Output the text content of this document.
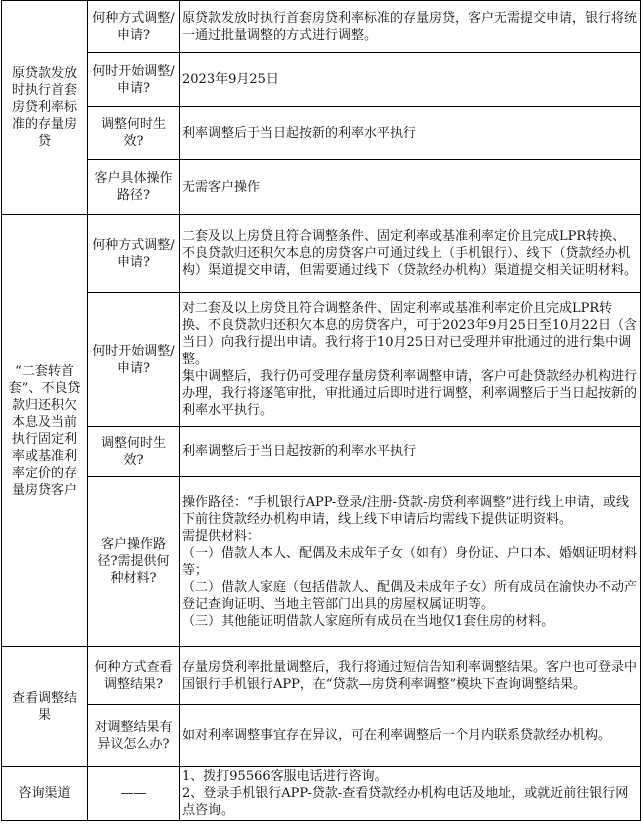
原贷款发放时执行首套房贷利率标准的存量房贷	何种方式调整/申请?	原贷款发放时执行首套房贷利率标准的存量房贷，客户无需提交申请，银行将统一通过批量调整的方式进行调整。

	何时开始调整/申请?	2023年9月25日

	调整何时生效?	利率调整后于当日起按新的利率水平执行

	客户具体操作路径?	无需客户操作

“二套转首套”、不良贷款归还积欠本息及当前执行固定利率或基准利率定价的存量房贷客户	何种方式调整/申请?	二套及以上房贷且符合调整条件、固定利率或基准利率定价且完成LPR转换、不良贷款归还积欠本息的房贷客户可通过线上（手机银行）、线下（贷款经办机构）渠道提交申请，但需要通过线下（贷款经办机构）渠道提交相关证明材料。

	何时开始调整/申请?	对二套及以上房贷且符合调整条件、固定利率或基准利率定价且完成LPR转换、不良贷款归还积欠本息的房贷客户，可于2023年9月25日至10月22日（含当日）向我行提出申请。我行将于10月25日对已受理并审批通过的进行集中调整。
集中调整后，我行仍可受理存量房贷利率调整申请，客户可赴贷款经办机构进行办理，我行将逐笔审批，审批通过后即时进行调整，利率调整后于当日起按新的利率水平执行。

	调整何时生效?	利率调整后于当日起按新的利率水平执行

	客户操作路径?需提供何种材料?	操作路径：“手机银行APP-登录/注册-贷款-房贷利率调整”进行线上申请，或线下前往贷款经办机构申请，线上线下申请后均需线下提供证明资料。
需提供材料：
（一）借款人本人、配偶及未成年子女（如有）身份证、户口本、婚姻证明材料等；
（二）借款人家庭（包括借款人、配偶及未成年子女）所有成员在渝快办不动产登记查询证明、当地主管部门出具的房屋权属证明等。
（三）其他能证明借款人家庭所有成员在当地仅1套住房的材料。

查看调整结果	何种方式查看调整结果?	存量房贷利率批量调整后，我行将通过短信告知利率调整结果。客户也可登录中国银行手机银行APP，在“贷款—房贷利率调整”模块下查询调整结果。

	对调整结果有异议怎么办?	如对利率调整事宜存在异议，可在利率调整后一个月内联系贷款经办机构。

咨询渠道	——	1、拨打95566客服电话进行咨询。
2、登录手机银行APP-贷款-查看贷款经办机构电话及地址，或就近前往银行网点咨询。
